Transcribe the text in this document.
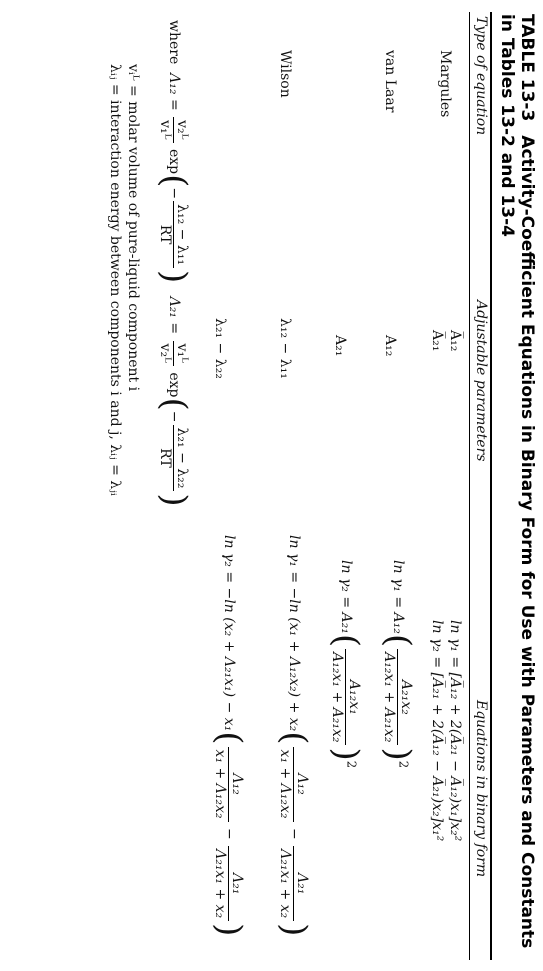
TABLE 13-3Activity-Coefficient Equations in Binary Form for Use with Parameters and Constants in Tables 13-2 and 13-4
Type of equation
Adjustable parameters
Equations in binary form
Margules
A̅₁₂
A̅₂₁
ln γ₁ = [A̅₁₂ + 2(A̅₂₁ − A̅₁₂)x₁]x₂²
ln γ₂ = [A̅₂₁ + 2(A̅₁₂ − A̅₂₁)x₂]x₁²
van Laar
A₁₂
A₂₁
ln γ₁ = A₁₂(
A₂₁x₂
A₁₂x₁ + A₂₁x₂
)$^2$
ln γ₂ = A₂₁(
A₁₂x₁
A₁₂x₁ + A₂₁x₂
)$^2$
Wilson
λ₁₂ − λ₁₁
λ₂₁ − λ₂₂
ln γ₁ = −ln (x₁ + Λ₁₂x₂) + x₂(
Λ₁₂
x₁ + Λ₁₂x₂
−
Λ₂₁
Λ₂₁x₁ + x₂
)
ln γ₂ = −ln (x₂ + Λ₂₁x₁) − x₁(
Λ₁₂
x₁ + Λ₁₂x₂
−
Λ₂₁
Λ₂₁x₁ + x₂
)
where  Λ₁₂ =
v₂ᴸ
v₁ᴸ
exp(−
λ₁₂ − λ₁₁
RT
)   Λ₂₁ =
v₁ᴸ
v₂ᴸ
exp(−
λ₂₁ − λ₂₂
RT
)
vᵢᴸ = molar volume of pure-liquid component i
λᵢⱼ = interaction energy between components i and j, λᵢⱼ = λⱼᵢ
